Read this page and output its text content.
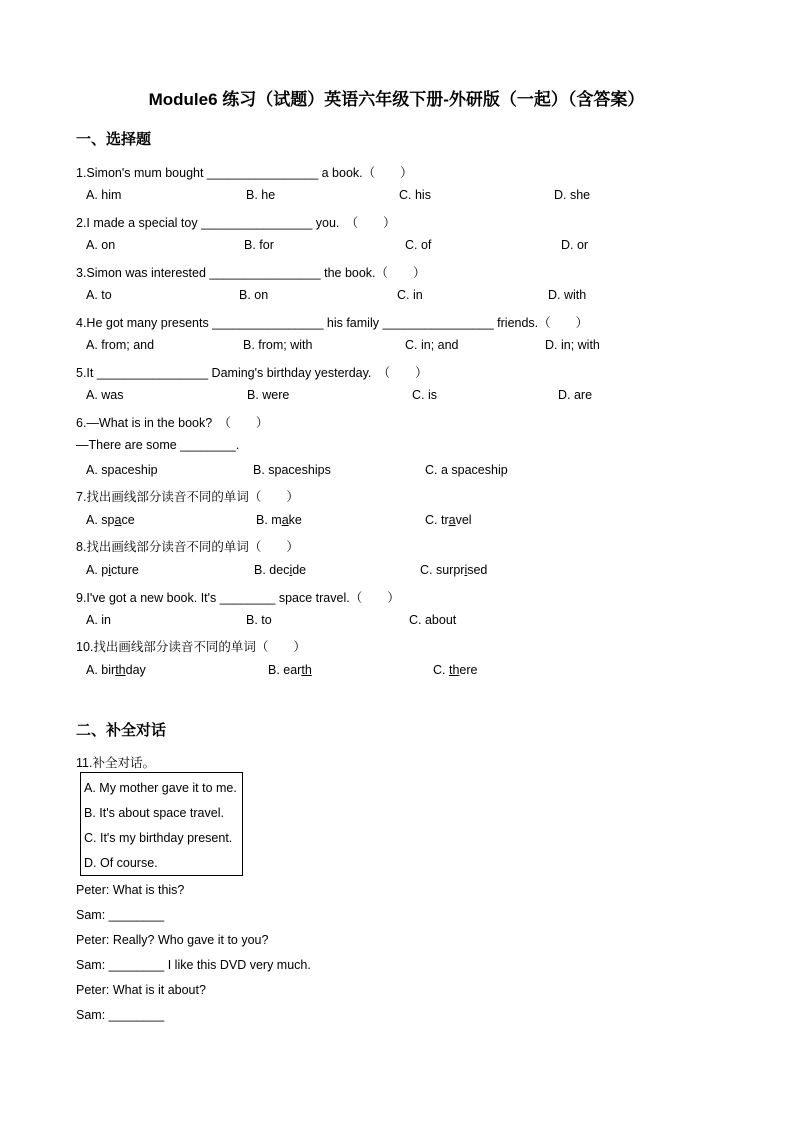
Module6 练习（试题）英语六年级下册-外研版（一起）（含答案）
一、选择题
1.Simon's mum bought ________________ a book.（　　）
A. him	B. he	C. his	D. she
2.I made a special toy ________________ you.　（　　）
A. on	B. for	C. of	D. or
3.Simon was interested ________________ the book.（　　）
A. to	B. on	C. in	D. with
4.He got many presents ________________ his family ________________ friends.（　　）
A. from; and	B. from; with	C. in; and	D. in; with
5.It ________________ Daming's birthday yesterday.　（　　）
A. was	B. were	C. is	D. are
6.—What is in the book?　（　　）
—There are some ________.
A. spaceship	B. spaceships	C. a spaceship
7.找出画线部分读音不同的单词（　　）
A. space	B. make	C. travel
8.找出画线部分读音不同的单词（　　）
A. picture	B. decide	C. surprised
9.I've got a new book. It's ________ space travel.（　　）
A. in	B. to	C. about
10.找出画线部分读音不同的单词（　　）
A. birthday	B. earth	C. there
二、补全对话
11.补全对话。
A. My mother gave it to me.
B. It's about space travel.
C. It's my birthday present.
D. Of course.
Peter: What is this?
Sam: ________
Peter: Really? Who gave it to you?
Sam: ________ I like this DVD very much.
Peter: What is it about?
Sam: ________
